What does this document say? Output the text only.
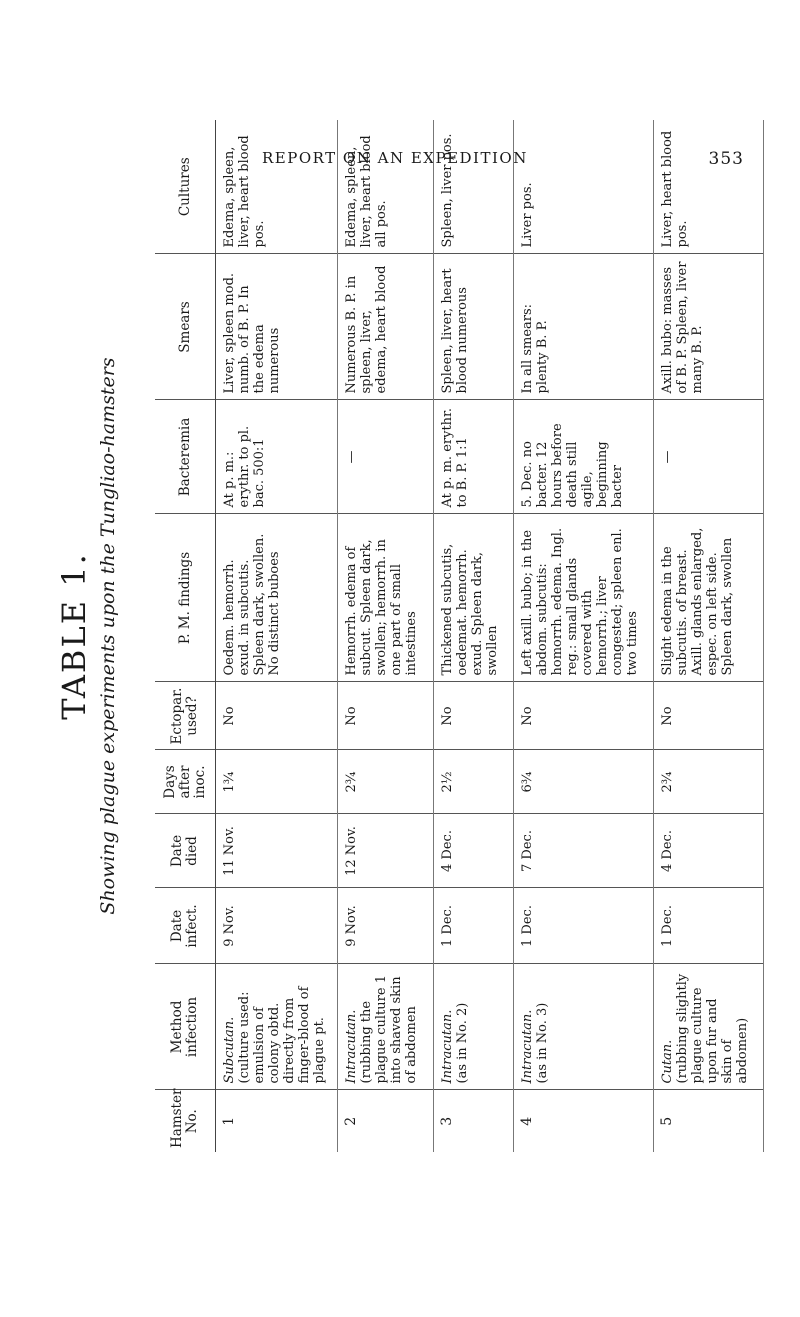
REPORT ON AN EXPEDITION	353
TABLE 1. Showing plague experiments upon the Tungliao-hamsters
Hamster No.	Method infection	Date infect.	Date died	Days after inoc.	Ectopar. used?	P. M. findings	Bacteremia	Smears	Cultures
1	Subcutan.
(culture used: emulsion of colony obtd. directly from finger-blood of plague pt.	9 Nov.	11 Nov.	1¾	No	Oedem. hemorrh. exud. in subcutis. Spleen dark, swollen. No distinct buboes	At p. m.: erythr. to pl. bac. 500:1	Liver, spleen mod. numb. of B. P. In the edema numerous	Edema, spleen, liver, heart blood pos.
2	Intracutan.
(rubbing the plague culture 1 into shaved skin of abdomen	9 Nov.	12 Nov.	2¾	No	Hemorrh. edema of subcut. Spleen dark, swollen; hemorrh. in one part of small intestines	—	Numerous B. P. in spleen, liver, edema, heart blood	Edema, spleen, liver, heart blood all pos.
3	Intracutan.
(as in No. 2)	1 Dec.	4 Dec.	2½	No	Thickened subcutis, oedemat. hemorrh. exud. Spleen dark, swollen	At p. m. erythr. to B. P. 1:1	Spleen, liver, heart blood numerous	Spleen, liver pos.
4	Intracutan.
(as in No. 3)	1 Dec.	7 Dec.	6¾	No	Left axill. bubo; in the abdom. subcutis: homorrh. edema. Ingl. reg.: small glands covered with hemorrh.; liver congested; spleen enl. two times	5. Dec. no bacter. 12 hours before death still agile, beginning bacter	In all smears: plenty B. P.	Liver pos.
5	Cutan.
(rubbing slightly plague culture upon fur and skin of abdomen)	1 Dec.	4 Dec.	2¾	No	Slight edema in the subcutis. of breast. Axill. glands enlarged, espec. on left side. Spleen dark, swollen	—	Axill. bubo: masses of B. P. Spleen, liver many B. P.	Liver, heart blood pos.
